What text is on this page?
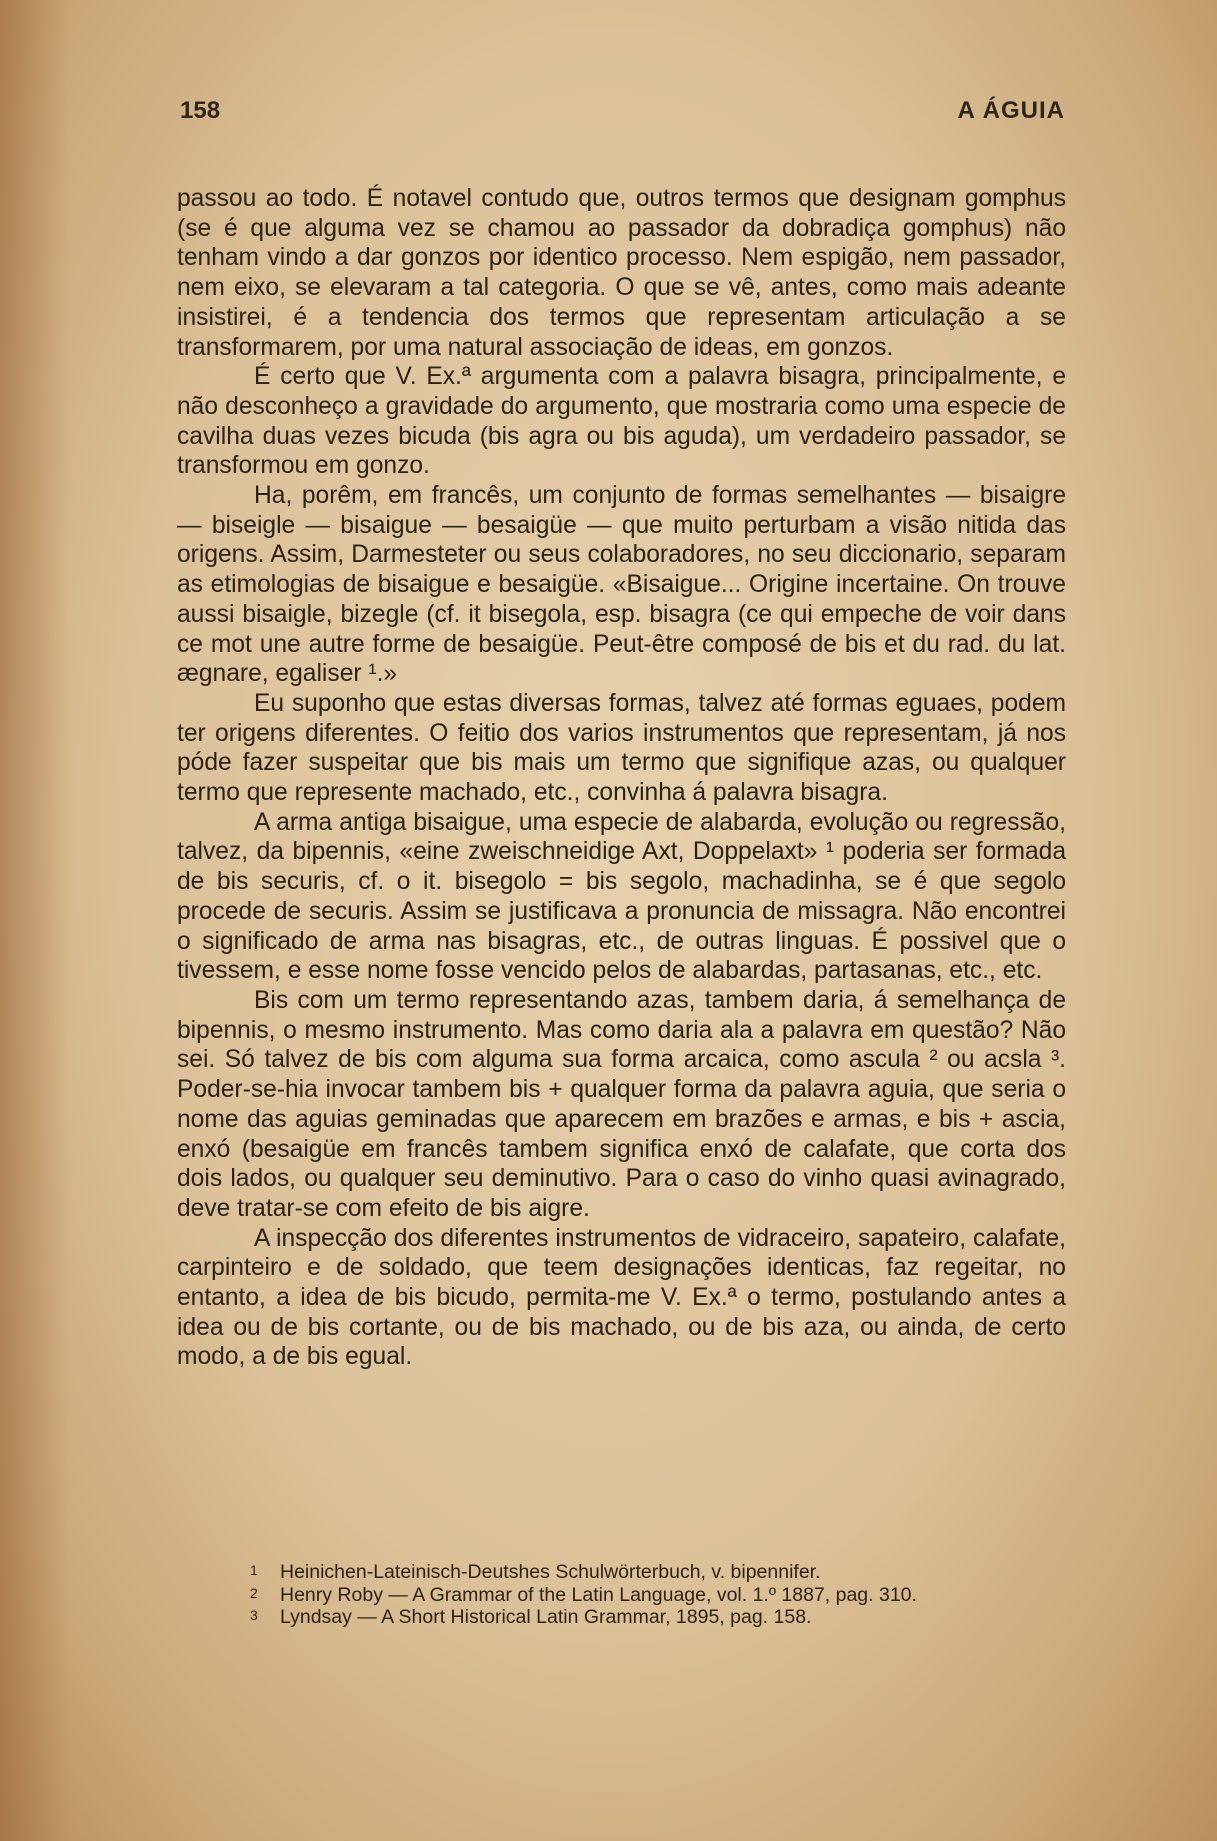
158	A ÁGUIA

passou ao todo. É notavel contudo que, outros termos que designam gomphus (se é que alguma vez se chamou ao passador da dobradiça gomphus) não tenham vindo a dar gonzos por identico processo. Nem espigão, nem passador, nem eixo, se elevaram a tal categoria. O que se vê, antes, como mais adeante insistirei, é a tendencia dos termos que representam articulação a se transformarem, por uma natural associação de ideas, em gonzos.

É certo que V. Ex.ª argumenta com a palavra bisagra, principalmente, e não desconheço a gravidade do argumento, que mostraria como uma especie de cavilha duas vezes bicuda (bis agra ou bis aguda), um verdadeiro passador, se transformou em gonzo.

Ha, porêm, em francês, um conjunto de formas semelhantes — bisaigre — biseigle — bisaigue — besaigüe — que muito perturbam a visão nitida das origens. Assim, Darmesteter ou seus colaboradores, no seu diccionario, separam as etimologias de bisaigue e besaigüe. «Bisaigue... Origine incertaine. On trouve aussi bisaigle, bizegle (cf. it bisegola, esp. bisagra (ce qui empeche de voir dans ce mot une autre forme de besaigüe. Peut-être composé de bis et du rad. du lat. ægnare, egaliser ¹.»

Eu suponho que estas diversas formas, talvez até formas eguaes, podem ter origens diferentes. O feitio dos varios instrumentos que representam, já nos póde fazer suspeitar que bis mais um termo que signifique azas, ou qualquer termo que represente machado, etc., convinha á palavra bisagra.

A arma antiga bisaigue, uma especie de alabarda, evolução ou regressão, talvez, da bipennis, «eine zweischneidige Axt, Doppelaxt» ¹ poderia ser formada de bis securis, cf. o it. bisegolo = bis segolo, machadinha, se é que segolo procede de securis. Assim se justificava a pronuncia de missagra. Não encontrei o significado de arma nas bisagras, etc., de outras linguas. É possivel que o tivessem, e esse nome fosse vencido pelos de alabardas, partasanas, etc., etc.

Bis com um termo representando azas, tambem daria, á semelhança de bipennis, o mesmo instrumento. Mas como daria ala a palavra em questão? Não sei. Só talvez de bis com alguma sua forma arcaica, como ascula ² ou acsla ³. Poder-se-hia invocar tambem bis + qualquer forma da palavra aguia, que seria o nome das aguias geminadas que aparecem em brazões e armas, e bis + ascia, enxó (besaigüe em francês tambem significa enxó de calafate, que corta dos dois lados, ou qualquer seu deminutivo. Para o caso do vinho quasi avinagrado, deve tratar-se com efeito de bis aigre.

A inspecção dos diferentes instrumentos de vidraceiro, sapateiro, calafate, carpinteiro e de soldado, que teem designações identicas, faz regeitar, no entanto, a idea de bis bicudo, permita-me V. Ex.ª o termo, postulando antes a idea ou de bis cortante, ou de bis machado, ou de bis aza, ou ainda, de certo modo, a de bis egual.

1	Heinichen-Lateinisch-Deutshes Schulwörterbuch, v. bipennifer.
2	Henry Roby — A Grammar of the Latin Language, vol. 1.º 1887, pag. 310.
3	Lyndsay — A Short Historical Latin Grammar, 1895, pag. 158.
